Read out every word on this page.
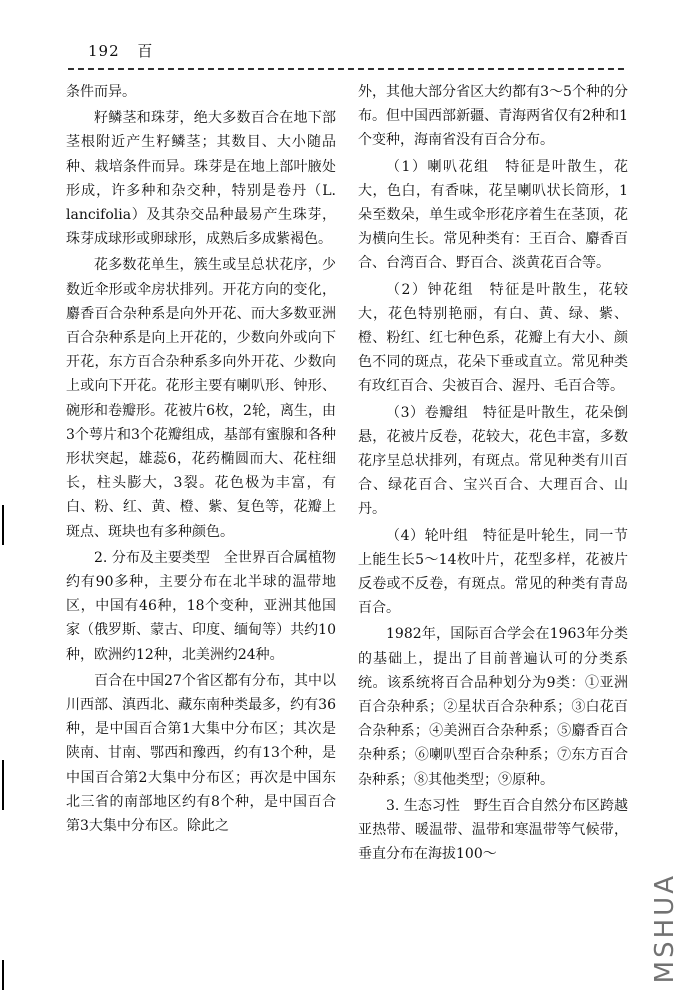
192 百

条件而异。

籽鳞茎和珠芽，绝大多数百合在地下部茎根附近产生籽鳞茎；其数目、大小随品种、栽培条件而异。珠芽是在地上部叶腋处形成，许多种和杂交种，特别是卷丹（L. lancifolia）及其杂交品种最易产生珠芽，珠芽成球形或卵球形，成熟后多成紫褐色。

花多数花单生，簇生或呈总状花序，少数近伞形或伞房状排列。开花方向的变化，麝香百合杂种系是向外开花、而大多数亚洲百合杂种系是向上开花的，少数向外或向下开花，东方百合杂种系多向外开花、少数向上或向下开花。花形主要有喇叭形、钟形、碗形和卷瓣形。花被片6枚，2轮，离生，由3个萼片和3个花瓣组成，基部有蜜腺和各种形状突起，雄蕊6，花药椭圆而大、花柱细长，柱头膨大，3裂。花色极为丰富，有白、粉、红、黄、橙、紫、复色等，花瓣上斑点、斑块也有多种颜色。

2. 分布及主要类型　全世界百合属植物约有90多种，主要分布在北半球的温带地区，中国有46种，18个变种，亚洲其他国家（俄罗斯、蒙古、印度、缅甸等）共约10种，欧洲约12种，北美洲约24种。

百合在中国27个省区都有分布，其中以川西部、滇西北、藏东南种类最多，约有36种，是中国百合第1大集中分布区；其次是陕南、甘南、鄂西和豫西，约有13个种，是中国百合第2大集中分布区；再次是中国东北三省的南部地区约有8个种，是中国百合第3大集中分布区。除此之

外，其他大部分省区大约都有3～5个种的分布。但中国西部新疆、青海两省仅有2种和1个变种，海南省没有百合分布。

（1）喇叭花组　特征是叶散生，花大，色白，有香味，花呈喇叭状长筒形，1朵至数朵，单生或伞形花序着生在茎顶，花为横向生长。常见种类有：王百合、麝香百合、台湾百合、野百合、淡黄花百合等。

（2）钟花组　特征是叶散生，花较大，花色特别艳丽，有白、黄、绿、紫、橙、粉红、红七种色系，花瓣上有大小、颜色不同的斑点，花朵下垂或直立。常见种类有玫红百合、尖被百合、渥丹、毛百合等。

（3）卷瓣组　特征是叶散生，花朵倒悬，花被片反卷，花较大，花色丰富，多数花序呈总状排列，有斑点。常见种类有川百合、绿花百合、宝兴百合、大理百合、山丹。

（4）轮叶组　特征是叶轮生，同一节上能生长5～14枚叶片，花型多样，花被片反卷或不反卷，有斑点。常见的种类有青岛百合。

1982年，国际百合学会在1963年分类的基础上，提出了目前普遍认可的分类系统。该系统将百合品种划分为9类：①亚洲百合杂种系；②星状百合杂种系；③白花百合杂种系；④美洲百合杂种系；⑤麝香百合杂种系；⑥喇叭型百合杂种系；⑦东方百合杂种系；⑧其他类型；⑨原种。

3. 生态习性　野生百合自然分布区跨越亚热带、暖温带、温带和寒温带等气候带，垂直分布在海拔100～

MSHUA
